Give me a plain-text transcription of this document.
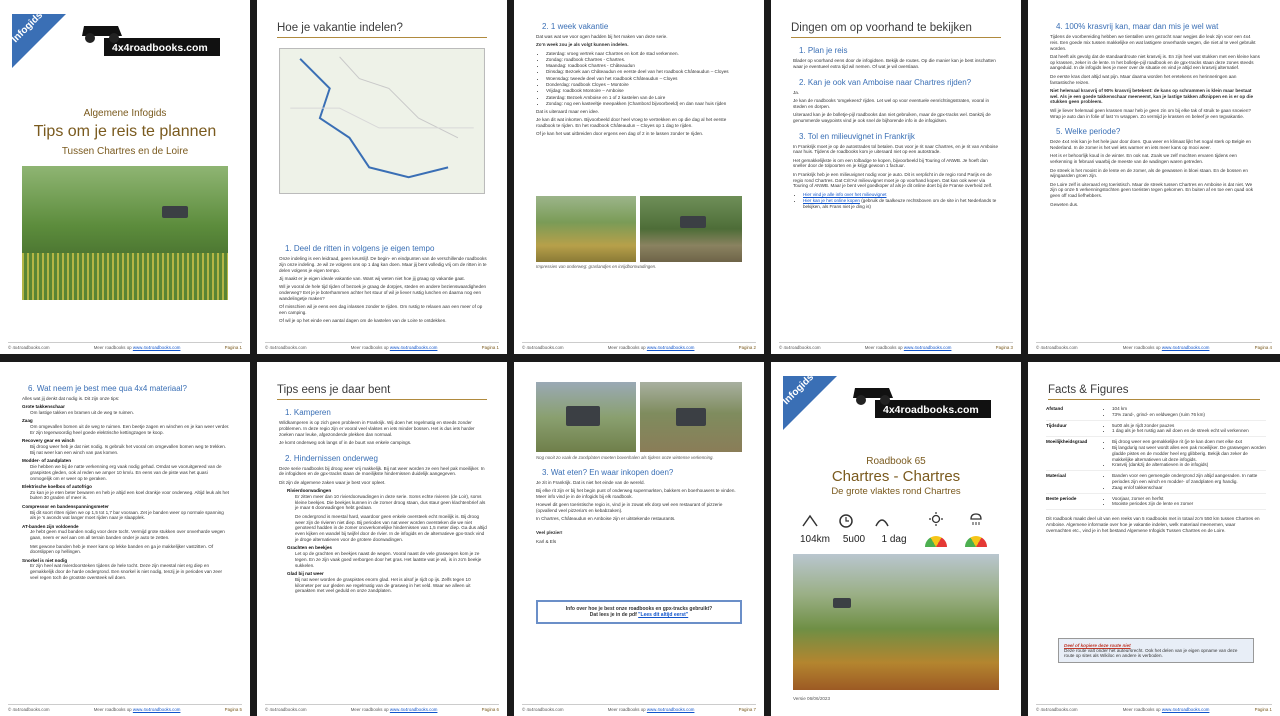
Infogids
4x4roadbooks.com
Algemene Infogids
Tips om je reis te plannen
Tussen Chartres en de Loire
© 4x4roadbooks.com	Meer roadbooks op www.4x4roadbooks.com	Pagina 1
Hoe je vakantie indelen?
1. Deel de ritten in volgens je eigen tempo
Onze indeling is een leidraad, geen keurslijf. De begin- en eindpunten van de verschillende roadbooks zijn onze indeling. Je wil ze volgens ons op 1 dag kan doen. Maar jij bent volledig vrij om de ritten in te delen volgens je eigen tempo.
Jij maakt er je eigen ideale vakantie van. Want wij weten niet hoe jij graag op vakantie gaat.
Wil je vooral de hele tijd rijden of bezoek je graag de dorpjes, steden en andere bezienswaardigheden onderweg? Eet je je boterhammen achter het stuur of wil je liever rustig lunchen en daarna nog een wandelingetje maken?
Of misschien wil je eens een dag inlassen zonder te rijden. Om rustig te relaxen aan een meer of op een camping.
Of wil je op het einde een aantal dagen om de kastelen van de Loire te ontdekken.
© 4x4roadbooks.com	Meer roadbooks op www.4x4roadbooks.com	Pagina 1
2. 1 week vakantie
Dat was wat we voor ogen hadden bij het maken van deze serie.
Zo'n week zou je als volgt kunnen indelen.
• Zaterdag: vroeg vertrek naar Chartres en kort de stad verkennen.
• Zondag: roadbook Chartres - Chartres.
• Maandag: roadbook Chartres - Châteaudun
• Dinsdag: Bezoek aan Châteaudun en eerste deel van het roadbook Châteaudun – Cloyes
• Woensdag: tweede deel van het roadbook Châteaudun – Cloyes
• Donderdag: roadbook Cloyes – Montoire
• Vrijdag: roadbook Montoire – Amboise
• Zaterdag: Bezoek Amboise en 1 of 2 kastelen van de Loire
• Zondag: nog een kasteeltje meepakken (Chambord bijvoorbeeld) en dan naar huis rijden
Dat is uiteraard maar een idee.
Je kan dit wat inkorten. Bijvoorbeeld door heel vroeg te vertrekken en op die dag al het eerste roadbook te rijden. En het roadbook Châteaudun – Cloyes op 1 dag te rijden.
Of je kan het wat uitbreiden door ergens een dag of 2 in te lassen zonder te rijden.
Impressies van onderweg: graslandjes en inrijdbornwadingen.
© 4x4roadbooks.com	Meer roadbooks op www.4x4roadbooks.com	Pagina 2
Dingen om op voorhand te bekijken
1. Plan je reis
Blader op voorhand eens door de infogidsen. Bekijk de routes. Op die manier kan je best inschatten waar je eventueel extra tijd wil nemen. Of wat je wil overslaan.
2. Kan je ook van Amboise naar Chartres rijden?
Ja.
Je kan de roadbooks 'omgekeerd' rijden. Let wel op voor eventuele eenrichtingsstraten, vooral in steden en dorpen.
Uiteraard kan je de bolletje-pijl roadbooks dan niet gebruiken, maar de gpx-tracks wel. Dankzij de genummerde waypoints vind je ook snel de bijhorende info in de infogidsen.
3. Tol en milieuvignet in Frankrijk
In Frankrijk moet je op de autostrades tol betalen. Dus voor je rit naar Chartres, en je rit van Amboise naar huis. Tijdens de roadbooks kom je uiteraard niet op een autostrade.
Het gemakkelijkste is om een tolbadge te kopen, bijvoorbeeld bij Touring of ANWB. Je hoeft dan sneller door de tolpoorten en je krijgt gewoon 1 factuur.
In Frankrijk heb je een milieuvignet nodig voor je auto. Dit is verplicht in de regio rond Parijs en de regio rond Chartres. Dat Crit'Air milieuvignet moet je op voorhand kopen. Dat kan ook weer via Touring of ANWB. Maar je bent veel goedkoper af als je dit online doet bij de Franse overheid zelf.
• Hier vind je alle info over het milieuvignet
• Hier kan je het online kopen (gebruik de taalkeuze rechtsboven om de site in het Nederlands te bekijken, als Frans niet je ding is)
© 4x4roadbooks.com	Meer roadbooks op www.4x4roadbooks.com	Pagina 3
4. 100% krasvrij kan, maar dan mis je wel wat
Tijdens de voorbereiding hebben we tientallen uren gezocht naar wegjes die leuk zijn voor een 4x4 reis. Een goede mix tussen makkelijke en wat lastigere onverharde wegen, die niet al te veel gebruikt worden.
Dat heeft als gevolg dat de standaardroute niet krasvrij is. En zijn heel wat stukken met een kleine kans op krassen, zeker in de lente. In het bolletje-pijl roadbook en de gpx-tracks staan deze zones steeds aangeduid. In de infogids lees je meer over de situatie en vind je altijd een krasvrij alternatief.
De eerste kras doet altijd wat pijn. Maar daarna worden het eretekens en herinneringen aan fantastische reizen.
Niet helemaal krasvrij of 90% krasvrij betekent: de kans op schrammen is klein maar bestaat wel. Als je een goede takkenschaar meeneemt, kan je lastige takken afknippen en is er op die stukken geen probleem.
Wil je liever helemaal geen krassen maar heb je geen zin om bij elke tak of struik te gaan snoeien? Wrap je auto dan in folie of last 'm wrappen. Zo vermijd je krassen en beleef je een tegvakantie.
5. Welke periode?
Deze 4x4 reis kan je het hele jaar door doen. Qua weer en klimaat lijkt het nogal sterk op België en Nederland. In de zomer is het wel iets warmer en iets meer kans op mooi weer.
Het is er behoorlijk koud in de winter. En ook nat. Zoals we zelf mochten ervaren tijdens een verkenning in februari waarbij de meeste van de wadingen waren getreden.
De streek is het mooist in de lente en de zomer, als de gewassen in bloei staan. En de bossen en wijngaarden groen zijn.
De Loire zelf is uiteraard erg toeristisch. Maar de streek tussen Chartres en Amboise is dat niet. We zijn op onze 5 verkenningstochten geen toeristen tegen gekomen. En buiten af en toe een quad ook geen off road liefhebbers.
Geweten dus.
© 4x4roadbooks.com	Meer roadbooks op www.4x4roadbooks.com	Pagina 4
6. Wat neem je best mee qua 4x4 materiaal?
Alles wat jij denkt dat nodig is. Dit zijn onze tips:
Grote takkenschaar
Om lastige takken en bramen uit de weg te ruimen.
Zaag
Om omgevallen bomen uit de weg te ruimen. Een beetje zagen en winchen en je kan weer verder. Er zijn tegenwoordig heel goede elektrische kettingzagen te koop.
Recovery gear en winch
Bij droog weer heb je dat niet nodig. Is gebruik het vooral om omgevallen bomen weg te trekken. Bij nat weer kan een winch van pas komen.
Modder- of zandplaten
Die hebben we bij de natte verkenning erg vaak nodig gehad. Omdat we vooruitgereed van de graspistes gleden, ook al reden we amper 10 km/u. En eens van de piste was het quasi onmogelijk om er weer op te geraken.
Elektrische koelbox of autofrigo
Zo kan je je eten beter bewaren en heb je altijd een koel drankje voor onderweg. Altijd leuk als het buiten 30 graden of meer is.
Compressor en bandenspanningsmeter
Bij dit soort ritten rijden we op 1,5 tot 1,7 bar vooraan. Zet je banden weer op normale spanning als je 's avonds wat langer moet rijden naar je slaapplek.
AT-banden zijn voldoende
Je hebt geen mud banden nodig voor deze tocht. Vermijd grote stukken over onverharde wegen gaan, neem er wel aan om all terrain banden onder je auto te zetten.
Met gewone banden heb je meer kans op lekke banden en ga je makkelijker vastzitten. Of doorslippen op hellingen.
Snorkel is niet nodig
Er zijn heel wat rivierdoorsteken tijdens de hele tocht. Deze zijn meestal niet erg diep en gemakkelijk door de harde ondergrond. Een snorkel is niet nodig, tenzij je in periodes van zeer veel regen toch de grootste oversteek wil doen.
© 4x4roadbooks.com	Meer roadbooks op www.4x4roadbooks.com	Pagina 5
Tips eens je daar bent
1. Kamperen
Wildkamperen is op zich geen probleem in Frankrijk. Wij doen het regelmatig en steeds zonder problemen. In deze regio zijn er vooral veel vlaktes en iets minder bossen. Het is dus iets harder zoeken naar leuke, afgezonderde plekken dan normaal.
Je komt onderweg ook langs of in de buurt van enkele campings.
2. Hindernissen onderweg
Deze serie roadbooks bij droog weer vrij makkelijk. Bij nat weer worden ze een heel pak moeilijker. In de infogidsen en de gpx-tracks staan de moeilijkste hindernissen duidelijk aangegeven.
Dit zijn de algemene zaken waar je best voor opleet.
Rivierdoorwadingen
Er zitten meer dan 10 rivierdoorwadingen in deze serie. Soms echte rivieren (de Loir), soms kleine beekjes. Die beekjes kunnen in de zomer droog staan, dus staur geen klachtenbrief als je maar 6 doorwadingen hebt gedaan.
De ondergrond is meestal hard, waardoor geen enkele oversteek echt moeilijk is. Bij droog weer zijn de rivieren niet diep. Bij periodes van nat weer worden oversteken die we niet genoteerd hadden in de zomer onoverkomelijke hindernissen van 1,5 meter diep. Ga dus altijd even kijken en wandel bij twijfel door de rivier. In de infogids en de alternatieve gpx-track vind je droge alternatieven voor de grotere doorwadingen.
Grachten en beekjes
Let op de grachten en beekjes naast de wegen. Vooral naast de vele graswegen kom je ze tegen. En ze zijn vaak goed verborgen door het gras. Het laatste wat je wil, is in zo'n beekje sukkelen.
Glad bij nat weer
Bij nat weer worden de graspistes enorm glad. Het is alsof je rijdt op ijs. Zelfs tegen 10 kilometer per uur gleden we regelmatig van de grasweg in het veld. Waar we alleen uit geraakten met veel geduld en onze zandplaten.
© 4x4roadbooks.com	Meer roadbooks op www.4x4roadbooks.com	Pagina 6
Nog nooit zo vaak de zandplaten moeten bovenhalen als tijdens onze wintense verkenning.
3. Wat eten? En waar inkopen doen?
Je zit in Frankrijk. Dat is niet het einde van de wereld.
Bij elke rit zijn er bij het begin punt of onderweg supermarkten, bakkers en boerhouwers te vinden. Meer info vind je in de infogids bij elk roadbook.
Hoewel dit geen toeristische regio is, vind je in zowat elk dorp wel een restaurant of pizzerie (opvallend veel pizzeria's en kebabzaken).
In Chartres, Châteaudun en Amboise zijn er uitstekende restaurants.
Veel plezier!
Karl & Els
Info over hoe je best onze roadbooks en gpx-tracks gebruikt?
Dat lees je in de pdf "Lees dit altijd eerst"
© 4x4roadbooks.com	Meer roadbooks op www.4x4roadbooks.com	Pagina 7
Infogids
4x4roadbooks.com
Roadbook 65
Chartres - Chartres
De grote vlaktes rond Chartres
104km	5u00	1 dag
Versie 06/06/2023
Facts & Figures
Afstand	• 104 km
• 73% zand-, grind- en veldwegen (ruim 76 km)
Tijdsduur	• 5u00 als je rijdt zonder pauzes
• 1 dag als je het rustig aan wil doen en de streek echt wil verkennen
Moeilijkheidsgraad	• Bij droog weer een gemakkelijke rit (je te kan doen met elke 4x4
• Bij langdurig nat weer wordt alles een pak moeilijker. De graswegen worden gladde pistes en de modder heel erg glibberig. Bekijk dan zeker de makkelijke alternatieven uit deze infogids.
• Krasvrij (dankzij de alternatieven in de infogids)
Materiaal	• Banden voor een gemengde ondergrond zijn altijd aangeraden. In natte periodes zijn een winch en modder- of zandplaten erg handig.
• Zaag en/of takkenschaar
Beste periode	• Voorjaar, zomer en herfst
• Mooiste periodes zijn de lente en zomer
Dit roadbook maakt deel uit van een reeks van 5 roadbooks met in totaal zo'n 550 km tussen Chartres en Amboise. Algemene informatie over hoe je vakantie indelen, welk materiaal meenemen, waar overnachten etc., vind je in het bestand Algemene Infogids Tussen Chartres en de Loire.
Deel of kopiere deze route niet
Deze route valt onder het auteursrecht. Ook het delen van je eigen opname van deze route op sites als Wikiloc en andere is verboden.
© 4x4roadbooks.com	Meer roadbooks op www.4x4roadbooks.com	Pagina 1
